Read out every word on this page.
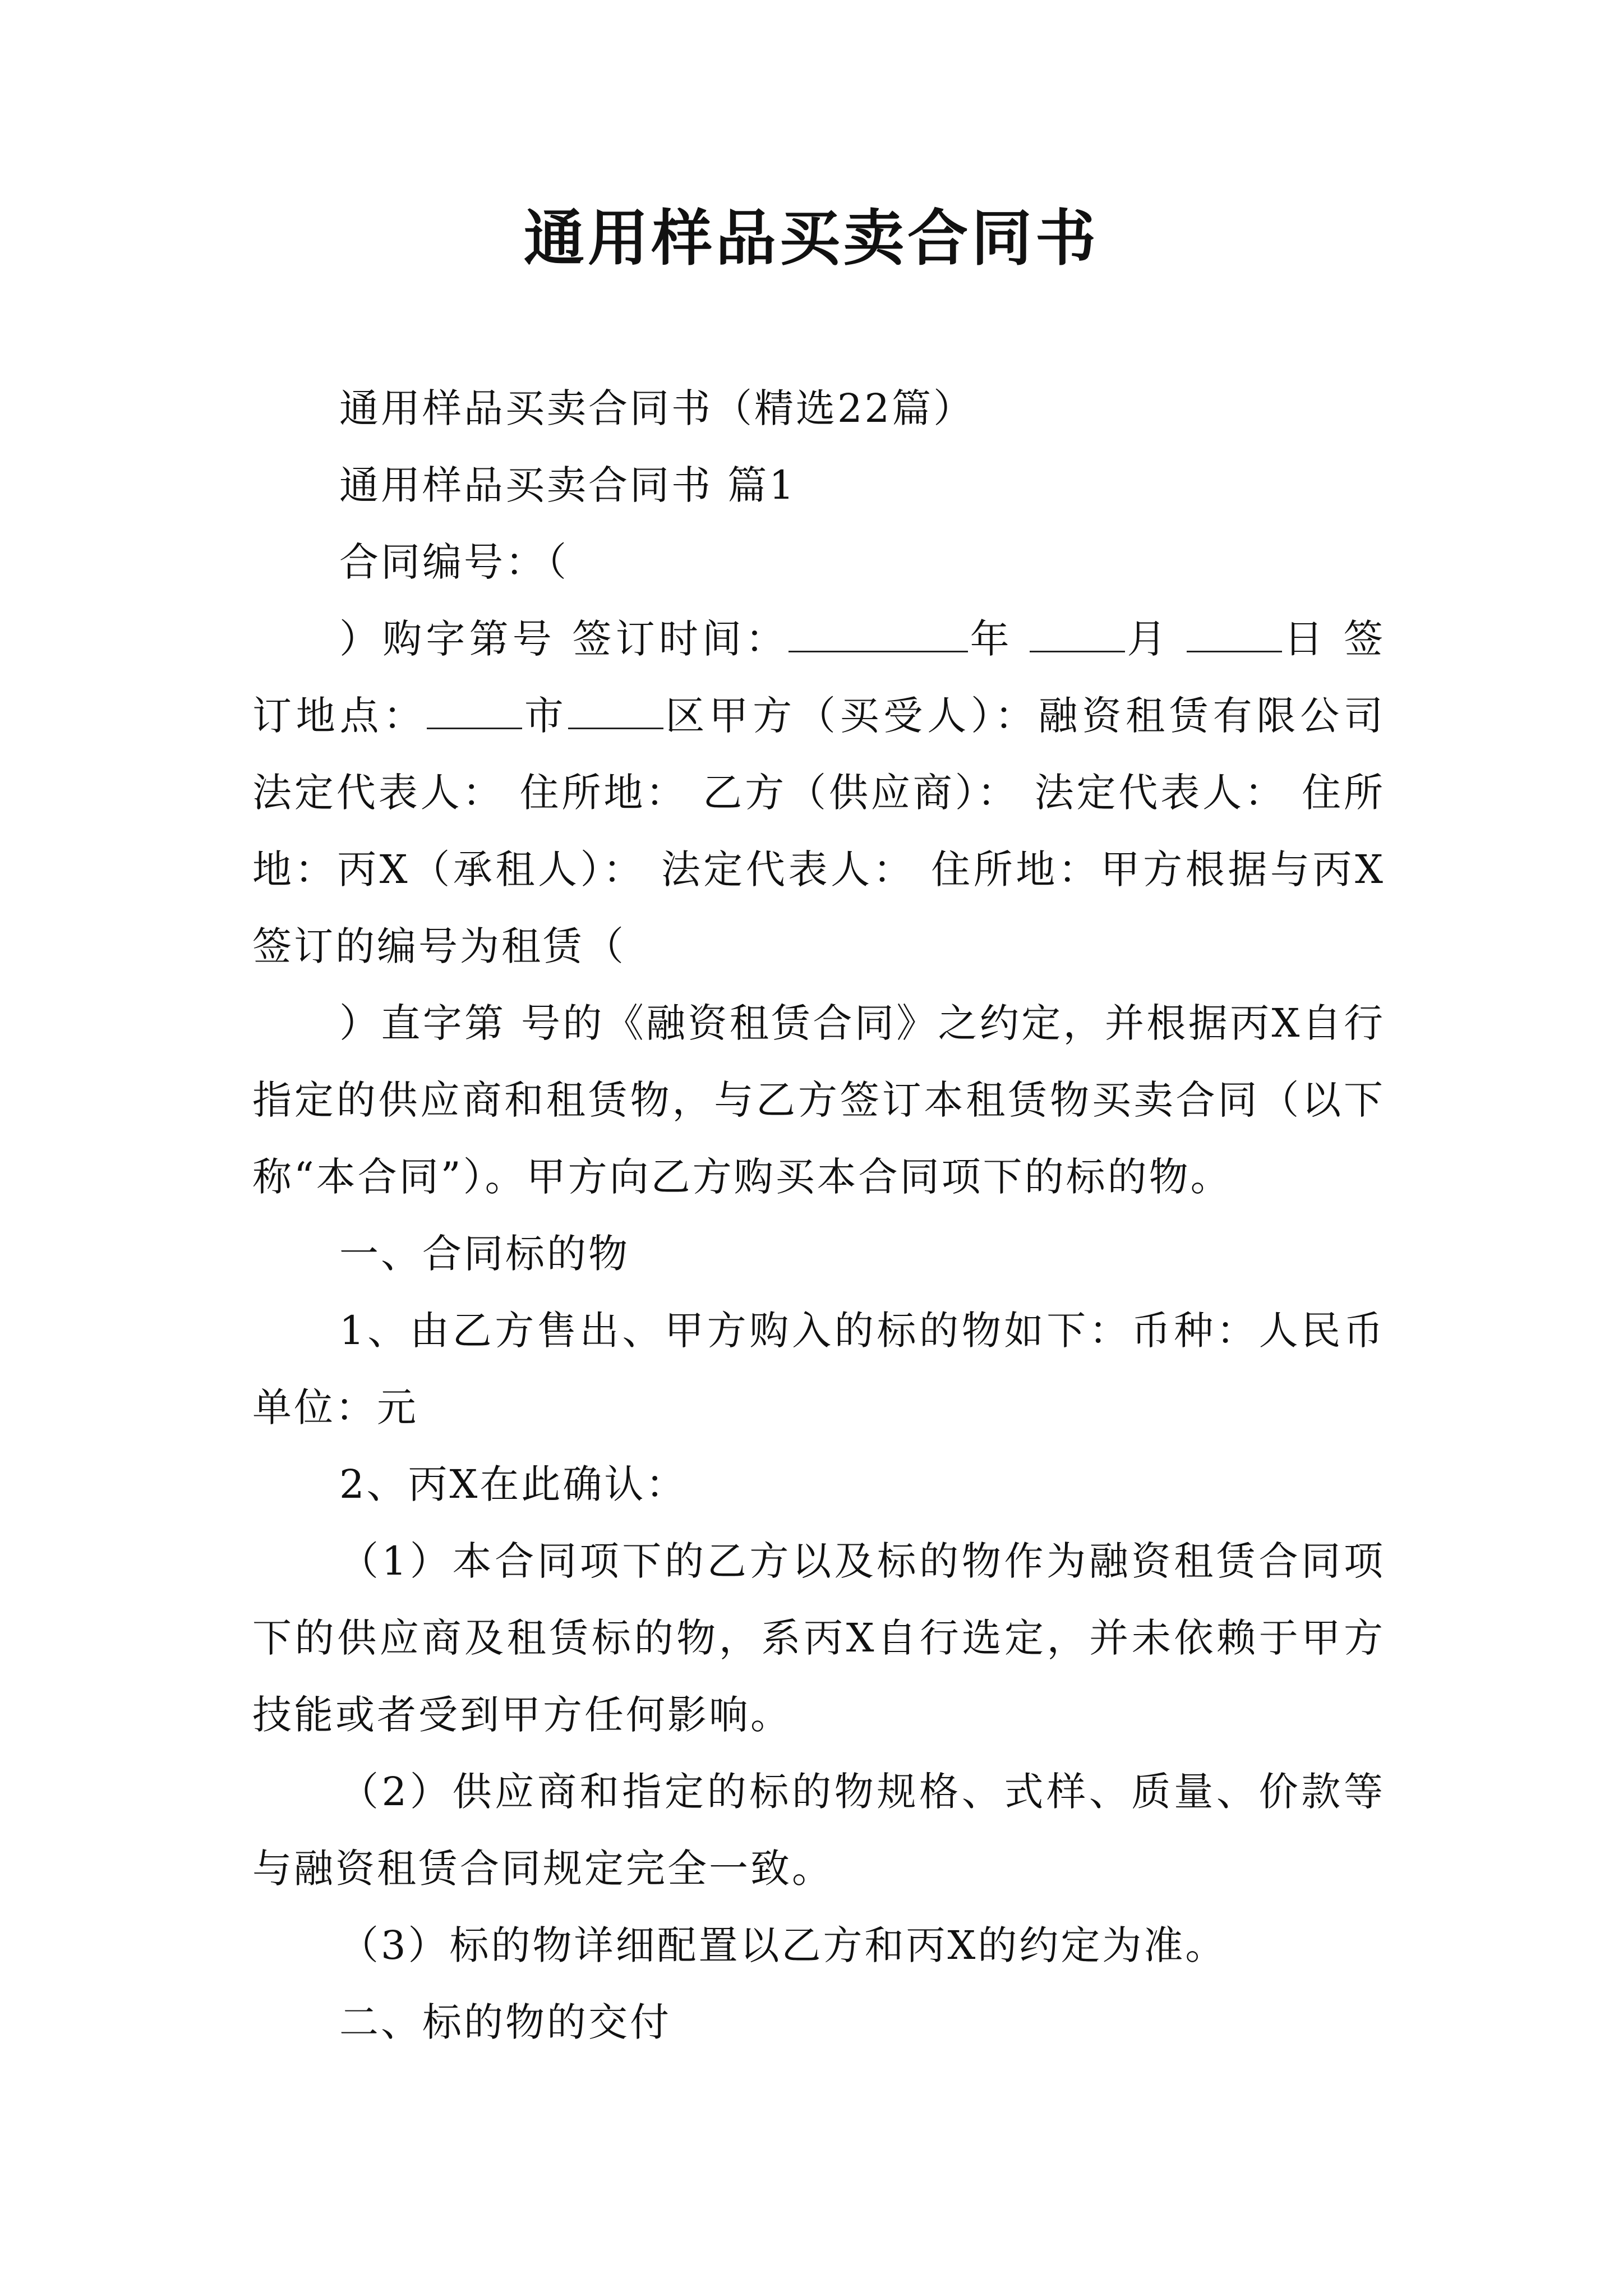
通用样品买卖合同书

通用样品买卖合同书（精选22篇）

通用样品买卖合同书 篇1

合同编号：（

）购字第号 签订时间：	年 月 日 签订地点： 市 区甲方（买受人）：融资租赁有限公司 法定代表人： 住所地： 乙方（供应商）： 法定代表人： 住所地：丙X（承租人）： 法定代表人： 住所地：甲方根据与丙X签订的编号为租赁（

）直字第 号的《融资租赁合同》之约定，并根据丙X自行指定的供应商和租赁物，与乙方签订本租赁物买卖合同（以下称“本合同”）。甲方向乙方购买本合同项下的标的物。

一、合同标的物

1、由乙方售出、甲方购入的标的物如下：币种：人民币 单位：元

2、丙X在此确认：

（1）本合同项下的乙方以及标的物作为融资租赁合同项下的供应商及租赁标的物，系丙X自行选定，并未依赖于甲方技能或者受到甲方任何影响。

（2）供应商和指定的标的物规格、式样、质量、价款等与融资租赁合同规定完全一致。

（3）标的物详细配置以乙方和丙X的约定为准。

二、标的物的交付
